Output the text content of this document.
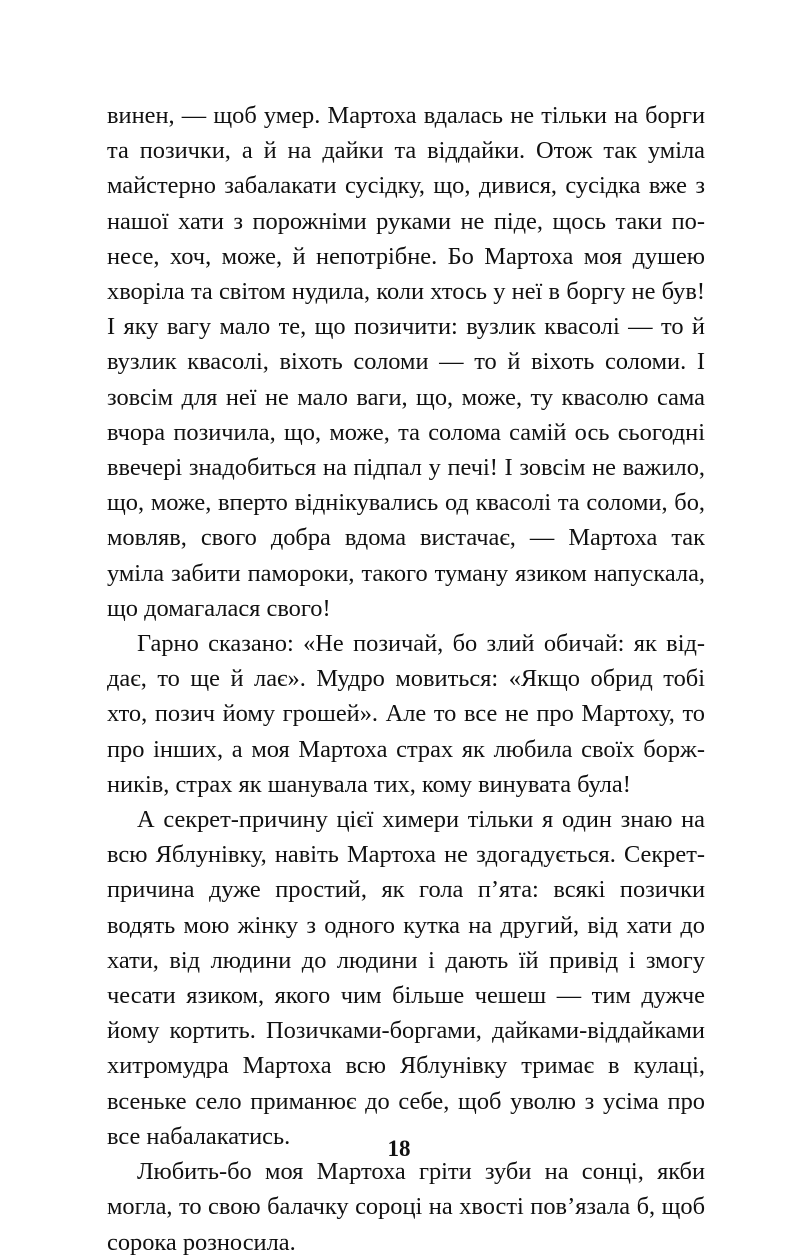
винен, — щоб умер. Мартоха вдалась не тільки на борги та позички, а й на дайки та віддайки. Отож так уміла майстерно забалакати сусідку, що, дивися, сусідка вже з нашої хати з порожніми руками не піде, щось таки понесе, хоч, може, й непотрібне. Бо Мартоха моя душею хворіла та світом нудила, коли хтось у неї в боргу не був! І яку вагу мало те, що позичити: вузлик квасолі — то й вузлик квасолі, віхоть соломи — то й віхоть соломи. І зовсім для неї не мало ваги, що, може, ту квасолю сама вчора позичила, що, може, та солома самій ось сьогодні ввечері знадобиться на підпал у печі! І зовсім не важило, що, може, вперто віднікувались од квасолі та соломи, бо, мовляв, свого добра вдома вистачає, — Мартоха так уміла забити памороки, такого туману язиком напускала, що домагалася свого!

Гарно сказано: «Не позичай, бо злий обичай: як віддає, то ще й лає». Мудро мовиться: «Якщо обрид тобі хто, позич йому грошей». Але то все не про Мартоху, то про інших, а моя Мартоха страх як любила своїх боржників, страх як шанувала тих, кому винувата була!

А секрет-причину цієї химери тільки я один знаю на всю Яблунівку, навіть Мартоха не здогадується. Секрет-причина дуже простий, як гола п’ята: всякі позички водять мою жінку з одного кутка на другий, від хати до хати, від людини до людини і дають їй привід і змогу чесати язиком, якого чим більше чешеш — тим дужче йому кортить. Позичками-боргами, дайками-віддайками хитромудра Мартоха всю Яблунівку тримає в кулаці, всеньке село приманює до себе, щоб уволю з усіма про все набалакатись.

Любить-бо моя Мартоха гріти зуби на сонці, якби могла, то свою балачку сороці на хвості пов’язала б, щоб сорока розносила.

18
